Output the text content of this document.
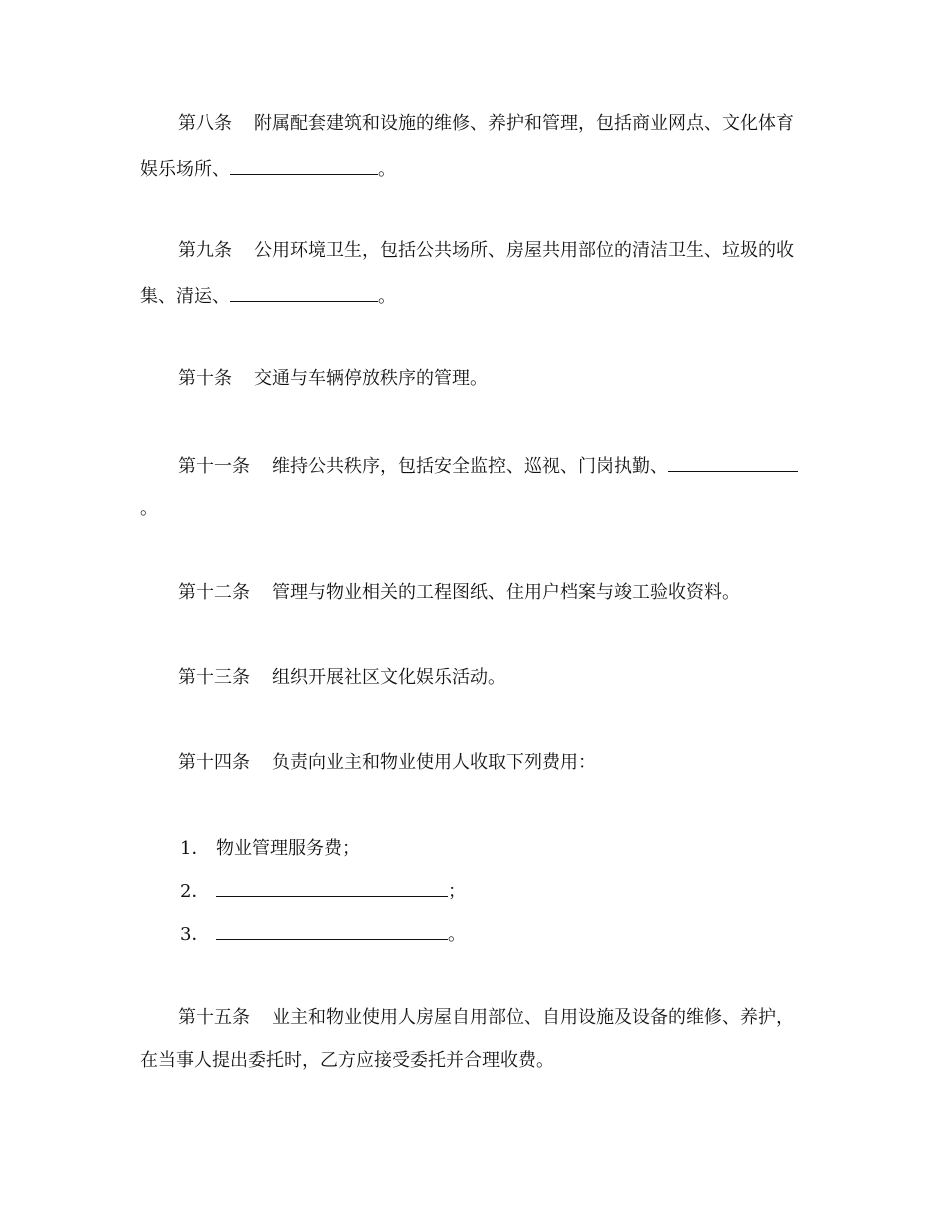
第八条 附属配套建筑和设施的维修、养护和管理，包括商业网点、文化体育
娱乐场所、	。
第九条 公用环境卫生，包括公共场所、房屋共用部位的清洁卫生、垃圾的收
集、清运、	。
第十条 交通与车辆停放秩序的管理。
第十一条 维持公共秩序，包括安全监控、巡视、门岗执勤、
。
第十二条 管理与物业相关的工程图纸、住用户档案与竣工验收资料。
第十三条 组织开展社区文化娱乐活动。
第十四条 负责向业主和物业使用人收取下列费用：
1． 物业管理服务费；
2．	；
3．	。
第十五条 业主和物业使用人房屋自用部位、自用设施及设备的维修、养护，
在当事人提出委托时，乙方应接受委托并合理收费。
